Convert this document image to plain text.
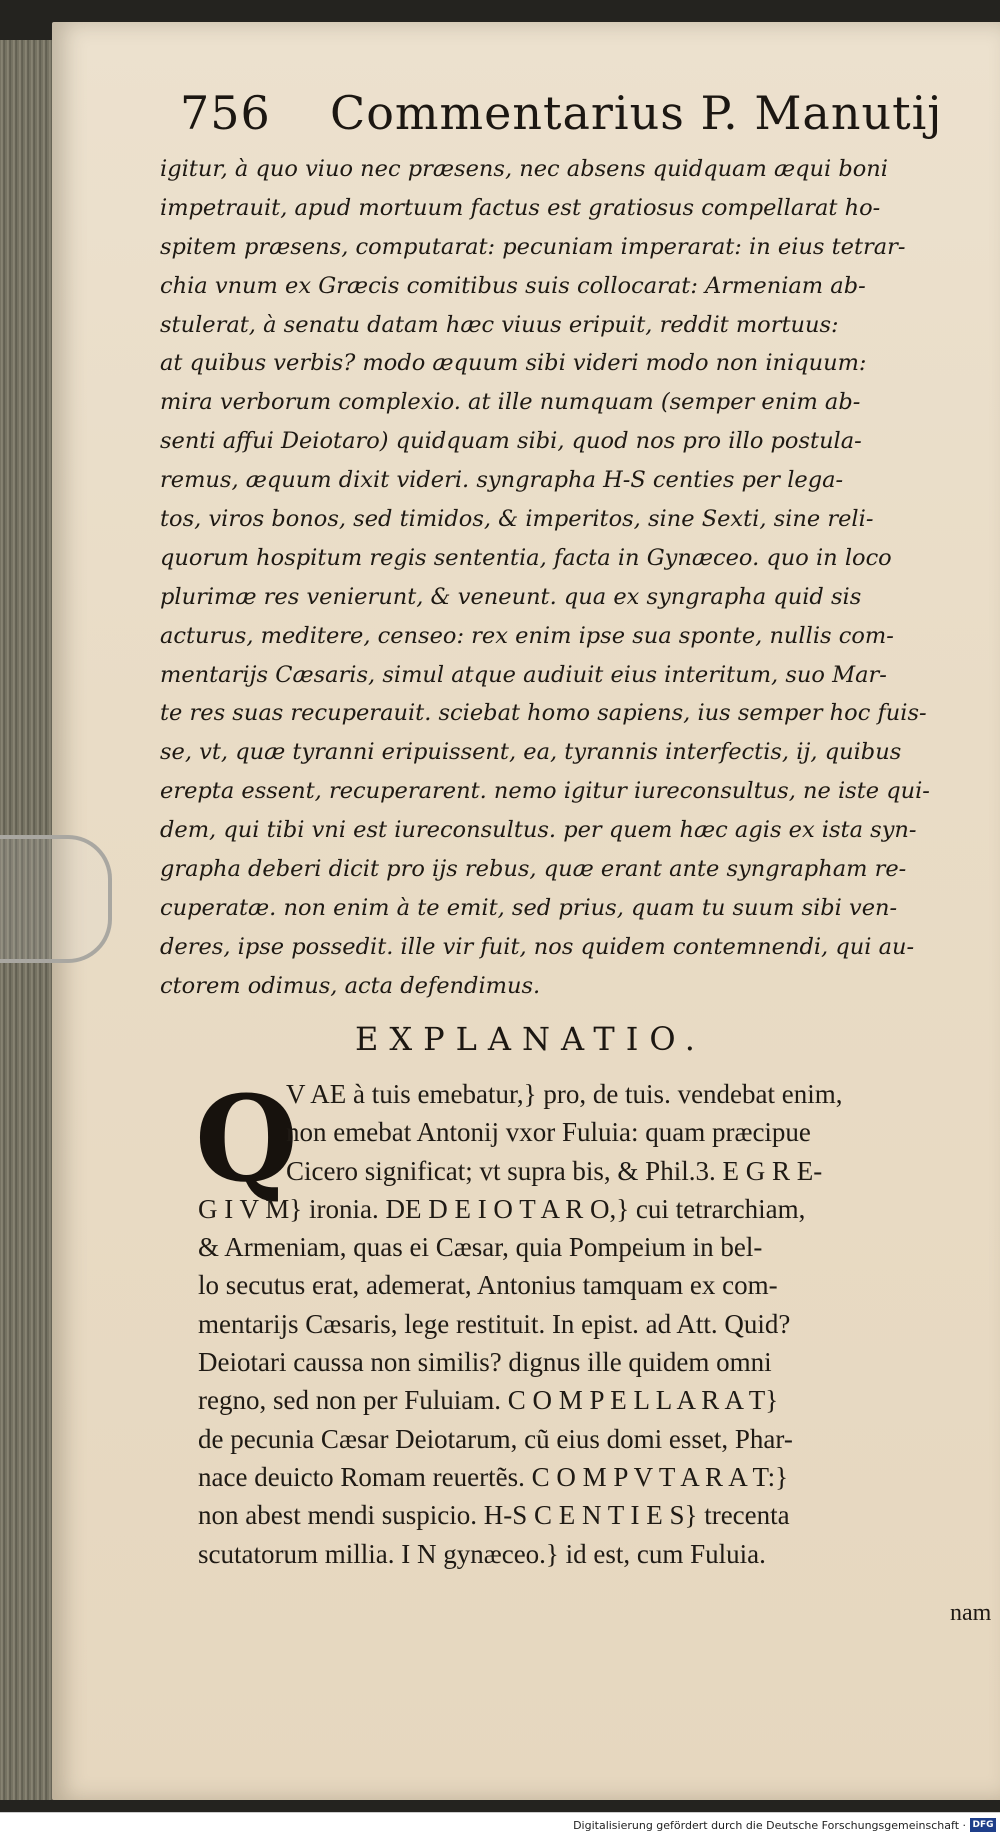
756 Commentarius P. Manutij
igitur, à quo viuo nec præsens, nec absens quidquam æqui boni
impetrauit, apud mortuum factus est gratiosus compellarat ho-
spitem præsens, computarat: pecuniam imperarat: in eius tetrar-
chia vnum ex Græcis comitibus suis collocarat: Armeniam ab-
stulerat, à senatu datam hæc viuus eripuit, reddit mortuus:
at quibus verbis? modo æquum sibi videri modo non iniquum:
mira verborum complexio. at ille numquam (semper enim ab-
senti affui Deiotaro) quidquam sibi, quod nos pro illo postula-
remus, æquum dixit videri. syngrapha H-S centies per lega-
tos, viros bonos, sed timidos, & imperitos, sine Sexti, sine reli-
quorum hospitum regis sententia, facta in Gynæceo. quo in loco
plurimæ res venierunt, & veneunt. qua ex syngrapha quid sis
acturus, meditere, censeo: rex enim ipse sua sponte, nullis com-
mentarijs Cæsaris, simul atque audiuit eius interitum, suo Mar-
te res suas recuperauit. sciebat homo sapiens, ius semper hoc fuis-
se, vt, quæ tyranni eripuissent, ea, tyrannis interfectis, ij, quibus
erepta essent, recuperarent. nemo igitur iureconsultus, ne iste qui-
dem, qui tibi vni est iureconsultus. per quem hæc agis ex ista syn-
grapha deberi dicit pro ijs rebus, quæ erant ante syngrapham re-
cuperatæ. non enim à te emit, sed prius, quam tu suum sibi ven-
deres, ipse possedit. ille vir fuit, nos quidem contemnendi, qui au-
ctorem odimus, acta defendimus.
EXPLANATIO.
Q
V AE à tuis emebatur,} pro, de tuis. vendebat enim,
non emebat Antonij vxor Fuluia: quam præcipue
Cicero significat; vt supra bis, & Phil.3. E G R E-
G I V M} ironia. DE D E I O T A R O,} cui tetrarchiam,
& Armeniam, quas ei Cæsar, quia Pompeium in bel-
lo secutus erat, ademerat, Antonius tamquam ex com-
mentarijs Cæsaris, lege restituit. In epist. ad Att. Quid?
Deiotari caussa non similis? dignus ille quidem omni
regno, sed non per Fuluiam. C O M P E L L A R A T}
de pecunia Cæsar Deiotarum, cũ eius domi esset, Phar-
nace deuicto Romam reuertẽs. C O M P V T A R A T:}
non abest mendi suspicio. H-S C E N T I E S} trecenta
scutatorum millia. I N gynæceo.} id est, cum Fuluia.
nam
Digitalisierung gefördert durch die Deutsche Forschungsgemeinschaft · DFG
